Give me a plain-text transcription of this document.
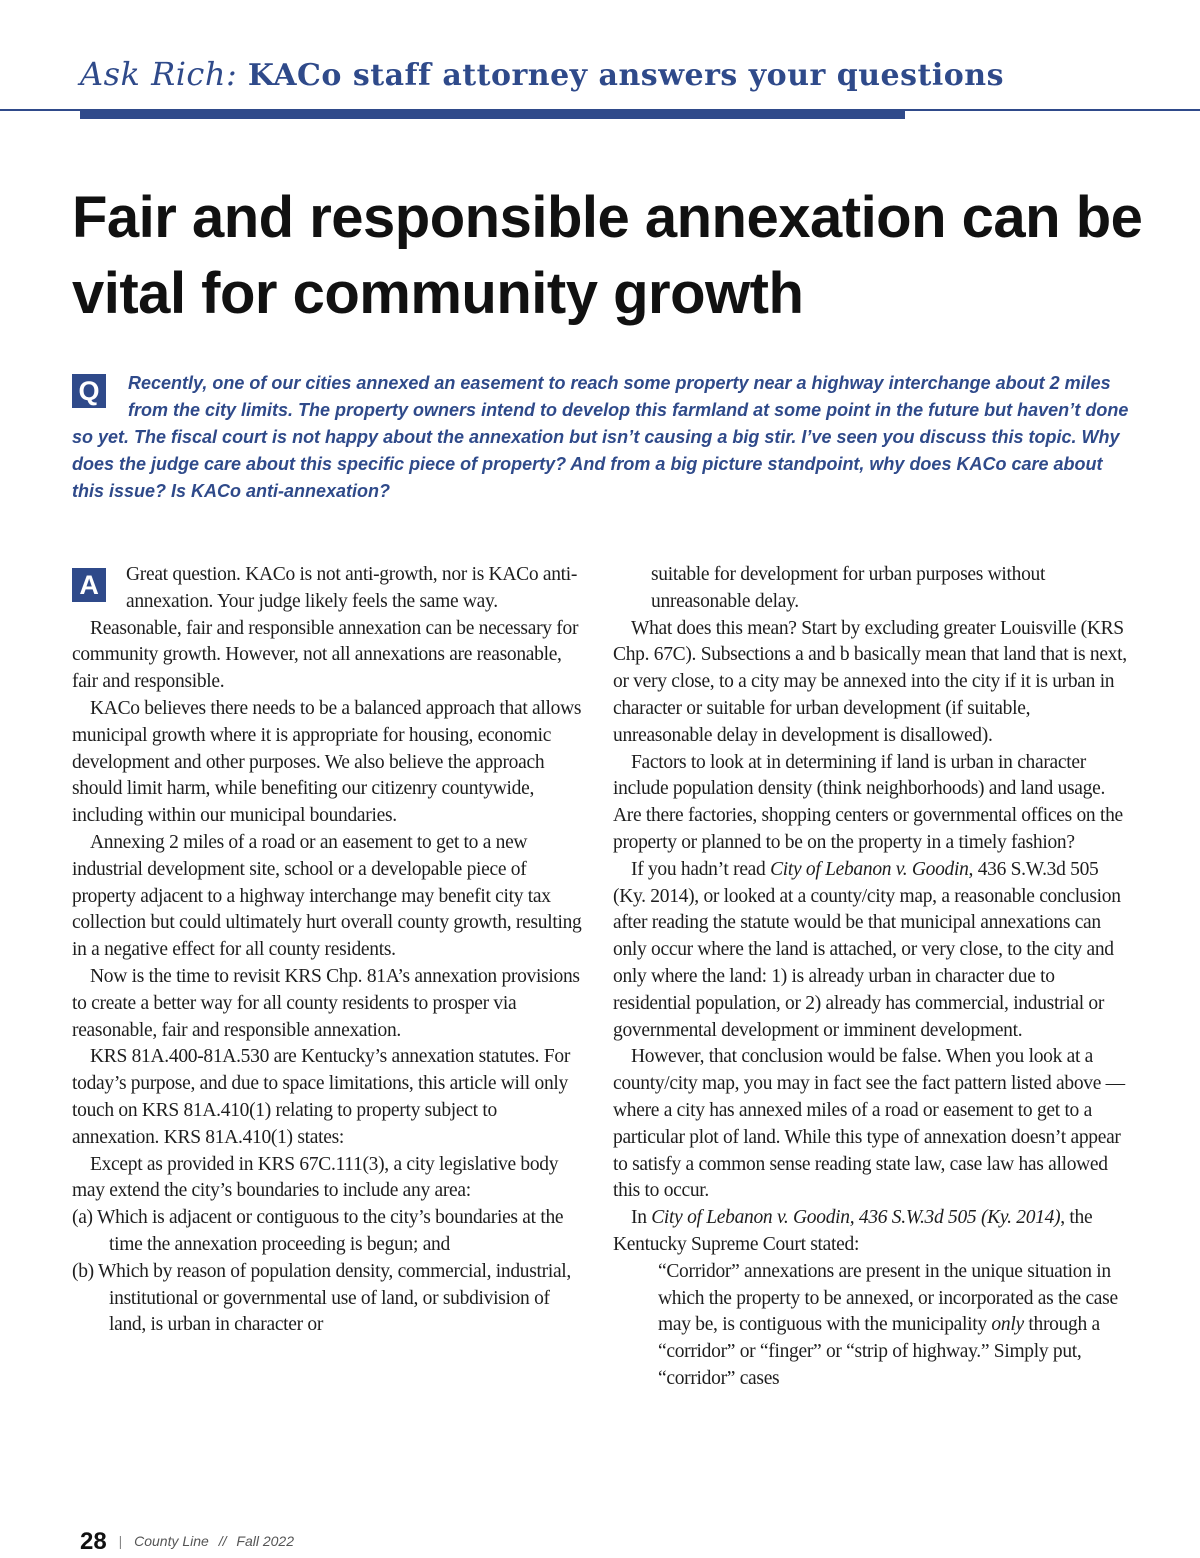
Ask Rich: KACo staff attorney answers your questions
Fair and responsible annexation can be vital for community growth

Q	Recently, one of our cities annexed an easement to reach some property near a highway interchange about 2 miles from the city limits. The property owners intend to develop this farmland at some point in the future but haven’t done so yet. The fiscal court is not happy about the annexation but isn’t causing a big stir. I’ve seen you discuss this topic. Why does the judge care about this specific piece of property? And from a big picture standpoint, why does KACo care about this issue? Is KACo anti-annexation?

A	Great question. KACo is not anti-growth, nor is KACo anti-annexation. Your judge likely feels the same way.

Reasonable, fair and responsible annexation can be necessary for community growth. However, not all annexations are reasonable, fair and responsible.

KACo believes there needs to be a balanced approach that allows municipal growth where it is appropriate for housing, economic development and other purposes. We also believe the approach should limit harm, while benefiting our citizenry countywide, including within our municipal boundaries.

Annexing 2 miles of a road or an easement to get to a new industrial development site, school or a developable piece of property adjacent to a highway interchange may benefit city tax collection but could ultimately hurt overall county growth, resulting in a negative effect for all county residents.

Now is the time to revisit KRS Chp. 81A’s annexation provisions to create a better way for all county residents to prosper via reasonable, fair and responsible annexation.

KRS 81A.400-81A.530 are Kentucky’s annexation statutes. For today’s purpose, and due to space limitations, this article will only touch on KRS 81A.410(1) relating to property subject to annexation. KRS 81A.410(1) states:

Except as provided in KRS 67C.111(3), a city legislative body may extend the city’s boundaries to include any area:

(a) Which is adjacent or contiguous to the city’s boundaries at the time the annexation proceeding is begun; and

(b) Which by reason of population density, commercial, industrial, institutional or governmental use of land, or subdivision of land, is urban in character or

suitable for development for urban purposes without unreasonable delay.

What does this mean? Start by excluding greater Louisville (KRS Chp. 67C). Subsections a and b basically mean that land that is next, or very close, to a city may be annexed into the city if it is urban in character or suitable for urban development (if suitable, unreasonable delay in development is disallowed).

Factors to look at in determining if land is urban in character include population density (think neighborhoods) and land usage. Are there factories, shopping centers or governmental offices on the property or planned to be on the property in a timely fashion?

If you hadn’t read City of Lebanon v. Goodin, 436 S.W.3d 505 (Ky. 2014), or looked at a county/city map, a reasonable conclusion after reading the statute would be that municipal annexations can only occur where the land is attached, or very close, to the city and only where the land: 1) is already urban in character due to residential population, or 2) already has commercial, industrial or governmental development or imminent development.

However, that conclusion would be false. When you look at a county/city map, you may in fact see the fact pattern listed above — where a city has annexed miles of a road or easement to get to a particular plot of land. While this type of annexation doesn’t appear to satisfy a common sense reading state law, case law has allowed this to occur.

In City of Lebanon v. Goodin, 436 S.W.3d 505 (Ky. 2014), the Kentucky Supreme Court stated:

“Corridor” annexations are present in the unique situation in which the property to be annexed, or incorporated as the case may be, is contiguous with the municipality only through a “corridor” or “finger” or “strip of highway.” Simply put, “corridor” cases

28 | County Line // Fall 2022
